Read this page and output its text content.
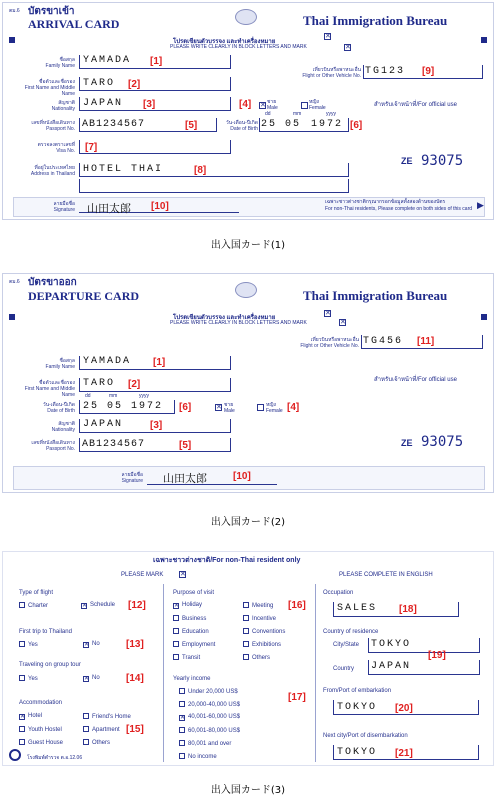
ตม.6 บัตรขาเข้า
ARRIVAL CARD	Thai Immigration Bureau
โปรดเขียนตัวบรรจง และทำเครื่องหมาย
PLEASE WRITE CLEARLY IN BLOCK LETTERS AND MARK
✕
✕
ชื่อสกุล
Family Name YAMADA [1]
เที่ยวบินหรือพาหนะอื่น
Flight or Other Vehicle No. TG123 [9]
ชื่อตัวและชื่อรอง
First Name and Middle Name
TARO [2]
สัญชาติ
Nationality JAPAN [3]	[4] ✕ ชาย
Male
หญิง
Female
dd	mm	yyyy
สำหรับเจ้าหน้าที่/For official use
เลขที่หนังสือเดินทาง
Passport No. AB1234567	[5]	วัน-เดือน-ปีเกิด
Date of Birth 25 05 1972 [6]
ตรวจลงตราเลขที่
Visa No. [7]
ZE 93075
ที่อยู่ในประเทศไทย
Address in Thailand HOTEL THAI	[8]
ลายมือชื่อ
Signature 山田太郎 [10]	เฉพาะชาวต่างชาติกรุณากรอกข้อมูลทั้งสองด้านของบัตร
For non-Thai residents, Please complete on both sides of this card ▶
出入国カード(1)
ตม.6 บัตรขาออก
DEPARTURE CARD	Thai Immigration Bureau
โปรดเขียนตัวบรรจง และทำเครื่องหมาย
PLEASE WRITE CLEARLY IN BLOCK LETTERS AND MARK
✕
✕
เที่ยวบินหรือพาหนะอื่น
Flight or Other Vehicle No. TG456 [11]
ชื่อสกุล
Family Name YAMADA [1]
สำหรับเจ้าหน้าที่/For official use
ชื่อตัวและชื่อรอง
First Name and Middle Name
TARO [2]
dd	mm	yyyy
วัน-เดือน-ปีเกิด
Date of Birth 25 05 1972 [6]	✕ ชาย
Male
หญิง
Female [4]
สัญชาติ
Nationality JAPAN	[3]
เลขที่หนังสือเดินทาง
Passport No. AB1234567	[5]	ZE 93075
ลายมือชื่อ
Signature 山田太郎	[10]
出入国カード(2)
เฉพาะชาวต่างชาติ/For non-Thai resident only
PLEASE MARK ✕	PLEASE COMPLETE IN ENGLISH
Type of flight
Charter	✕ Schedule [12]
First trip to Thailand
Yes	✕ No	[13]
Traveling on group tour
Yes	✕ No	[14]
Accommodation
✕ Hotel	Friend's Home
Youth Hostel	Apartment [15]
Guest House	Others
โรงพิมพ์ตำรวจ ต.อ.12.06
Purpose of visit
✕ Holiday	Meeting [16]
Business	Incentive
Education	Conventions
Employment	Exhibitions
Transit	Others
Yearly income
Under 20,000 US$
20,000-40,000 US$
[17]
✕ 40,001-60,000 US$
60,001-80,000 US$
80,001 and over
No income
Occupation
SALES [18]
Country of residence
City/State TOKYO
[19]
Country JAPAN
From/Port of embarkation
TOKYO [20]
Next city/Port of disembarkation
TOKYO [21]
出入国カード(3)
